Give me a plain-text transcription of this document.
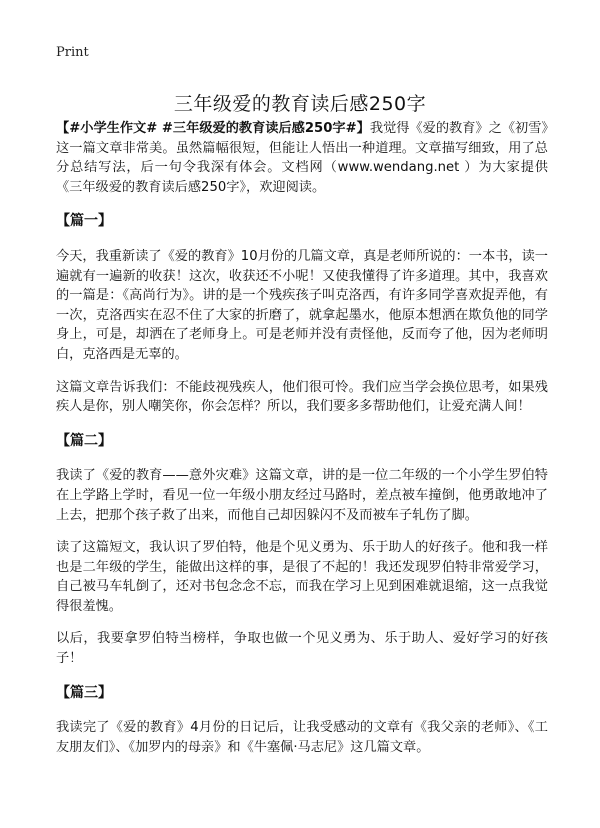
Print
三年级爱的教育读后感250字

【#小学生作文# #三年级爱的教育读后感250字#】我觉得《爱的教育》之《初雪》这一篇文章非常美。虽然篇幅很短，但能让人悟出一种道理。文章描写细致，用了总分总结写法，后一句令我深有体会。文档网（www.wendang.net ）为大家提供《三年级爱的教育读后感250字》，欢迎阅读。

【篇一】

今天，我重新读了《爱的教育》10月份的几篇文章，真是老师所说的：一本书，读一遍就有一遍新的收获！这次，收获还不小呢！又使我懂得了许多道理。其中，我喜欢的一篇是：《高尚行为》。讲的是一个残疾孩子叫克洛西，有许多同学喜欢捉弄他，有一次，克洛西实在忍不住了大家的折磨了，就拿起墨水，他原本想洒在欺负他的同学身上，可是，却洒在了老师身上。可是老师并没有责怪他，反而夸了他，因为老师明白，克洛西是无辜的。

这篇文章告诉我们：不能歧视残疾人，他们很可怜。我们应当学会换位思考，如果残疾人是你，别人嘲笑你，你会怎样？所以，我们要多多帮助他们，让爱充满人间！

【篇二】

我读了《爱的教育——意外灾难》这篇文章，讲的是一位二年级的一个小学生罗伯特在上学路上学时，看见一位一年级小朋友经过马路时，差点被车撞倒，他勇敢地冲了上去，把那个孩子救了出来，而他自己却因躲闪不及而被车子轧伤了脚。

读了这篇短文，我认识了罗伯特，他是个见义勇为、乐于助人的好孩子。他和我一样也是二年级的学生，能做出这样的事，是很了不起的！我还发现罗伯特非常爱学习，自己被马车轧倒了，还对书包念念不忘，而我在学习上见到困难就退缩，这一点我觉得很羞愧。

以后，我要拿罗伯特当榜样，争取也做一个见义勇为、乐于助人、爱好学习的好孩子！

【篇三】

我读完了《爱的教育》4月份的日记后，让我受感动的文章有《我父亲的老师》、《工友朋友们》、《加罗内的母亲》和《牛塞佩·马志尼》这几篇文章。
